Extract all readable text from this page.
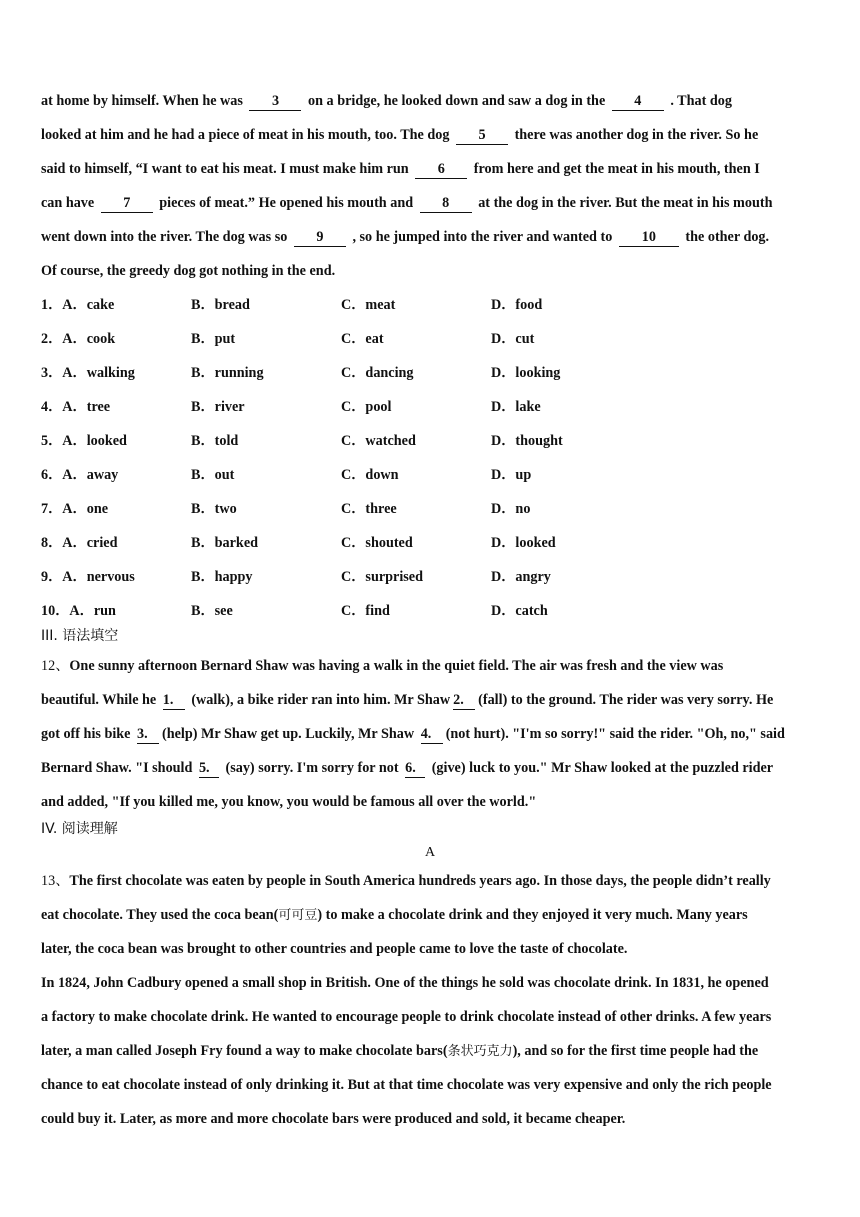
at home by himself. When he was 3 on a bridge, he looked down and saw a dog in the 4 . That dog
looked at him and he had a piece of meat in his mouth, too. The dog 5 there was another dog in the river. So he
said to himself, “I want to eat his meat. I must make him run 6 from here and get the meat in his mouth, then I
can have 7 pieces of meat.” He opened his mouth and 8 at the dog in the river. But the meat in his mouth
went down into the river. The dog was so 9 , so he jumped into the river and wanted to 10 the other dog.
Of course, the greedy dog got nothing in the end.
1．A．cake	B．bread	C．meat	D．food
2．A．cook	B．put	C．eat	D．cut
3．A．walking	B．running	C．dancing	D．looking
4．A．tree	B．river	C．pool	D．lake
5．A．looked	B．told	C．watched	D．thought
6．A．away	B．out	C．down	D．up
7．A．one	B．two	C．three	D．no
8．A．cried	B．barked	C．shouted	D．looked
9．A．nervous	B．happy	C．surprised	D．angry
10．A．run	B．see	C．find	D．catch
III. 语法填空
12、One sunny afternoon Bernard Shaw was having a walk in the quiet field. The air was fresh and the view was
beautiful. While he 1. (walk), a bike rider ran into him. Mr Shaw 2. (fall) to the ground. The rider was very sorry. He
got off his bike 3. (help) Mr Shaw get up. Luckily, Mr Shaw 4. (not hurt). "I'm so sorry!" said the rider. "Oh, no," said
Bernard Shaw. "I should 5. (say) sorry. I'm sorry for not 6. (give) luck to you." Mr Shaw looked at the puzzled rider
and added, "If you killed me, you know, you would be famous all over the world."
IV. 阅读理解
A
13、The first chocolate was eaten by people in South America hundreds years ago. In those days, the people didn’t really
eat chocolate. They used the coca bean(可可豆) to make a chocolate drink and they enjoyed it very much. Many years
later, the coca bean was brought to other countries and people came to love the taste of chocolate.
In 1824, John Cadbury opened a small shop in British. One of the things he sold was chocolate drink. In 1831, he opened
a factory to make chocolate drink. He wanted to encourage people to drink chocolate instead of other drinks. A few years
later, a man called Joseph Fry found a way to make chocolate bars(条状巧克力), and so for the first time people had the
chance to eat chocolate instead of only drinking it. But at that time chocolate was very expensive and only the rich people
could buy it. Later, as more and more chocolate bars were produced and sold, it became cheaper.
